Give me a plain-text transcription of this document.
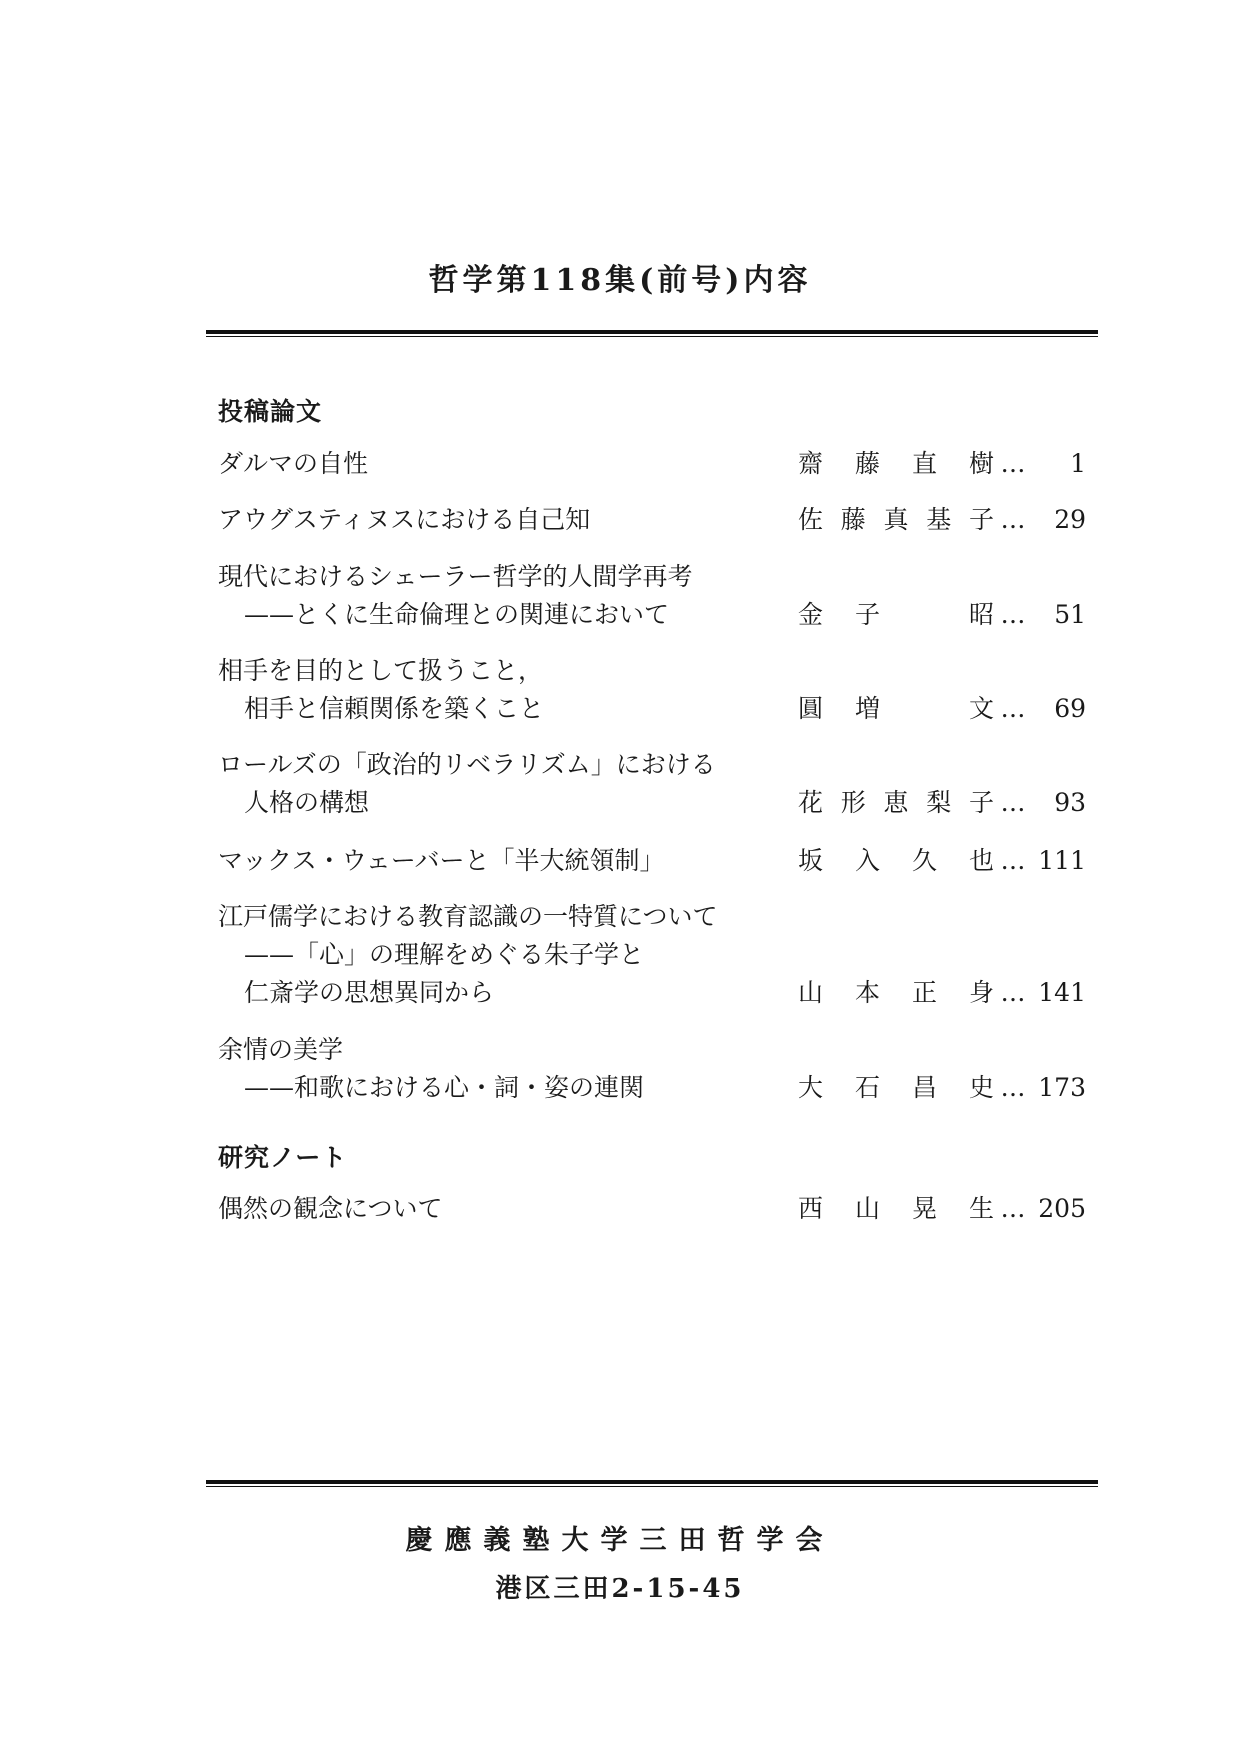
哲学第118集(前号)内容
投稿論文
ダルマの自性	齋藤直樹 … 1
アウグスティヌスにおける自己知	佐藤真基子 … 29
現代におけるシェーラー哲学的人間学再考
——とくに生命倫理との関連において	金子　昭 … 51
相手を目的として扱うこと，
相手と信頼関係を築くこと	圓増　文 … 69
ロールズの「政治的リベラリズム」における
人格の構想	花形恵梨子 … 93
マックス・ウェーバーと「半大統領制」	坂入久也 … 111
江戸儒学における教育認識の一特質について
——「心」の理解をめぐる朱子学と
仁斎学の思想異同から	山本正身 … 141
余情の美学
——和歌における心・詞・姿の連関	大石昌史 … 173
研究ノート
偶然の観念について	西山晃生 … 205
慶應義塾大学三田哲学会
港区三田2-15-45
